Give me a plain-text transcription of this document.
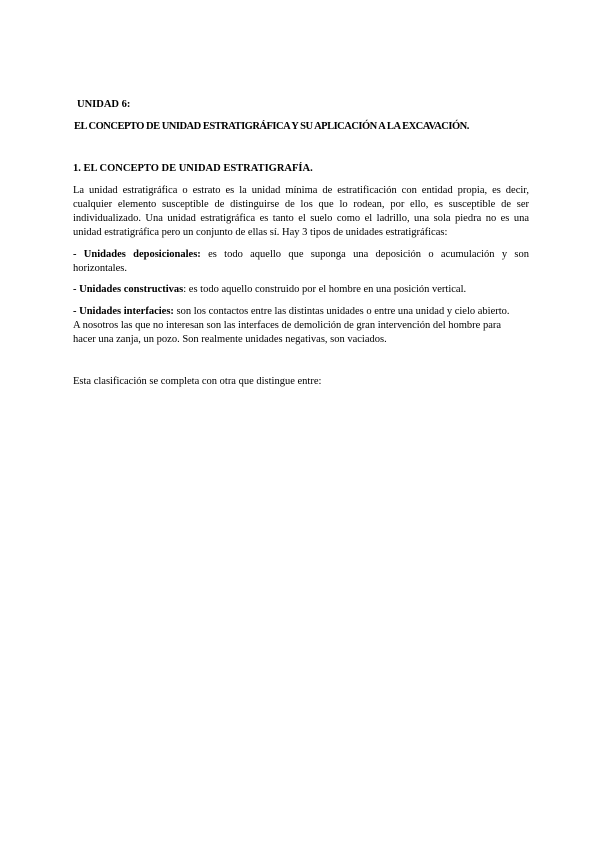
UNIDAD 6:
EL CONCEPTO DE UNIDAD ESTRATIGRÁFICA Y SU APLICACIÓN A LA EXCAVACIÓN.
1. EL CONCEPTO DE UNIDAD ESTRATIGRAFÍA.
La unidad estratigráfica o estrato es la unidad mínima de estratificación con entidad propia, es decir,
cualquier elemento susceptible de distinguirse de los que lo rodean, por ello, es susceptible de ser
individualizado. Una unidad estratigráfica es tanto el suelo como el ladrillo, una sola piedra no es una
unidad estratigráfica pero un conjunto de ellas sí. Hay 3 tipos de unidades estratigráficas:
- Unidades deposicionales: es todo aquello que suponga una deposición o acumulación y son
horizontales.
- Unidades constructivas: es todo aquello construido por el hombre en una posición vertical.
- Unidades interfacies: son los contactos entre las distintas unidades o entre una unidad y cielo abierto.
A nosotros las que no interesan son las interfaces de demolición de gran intervención del hombre para
hacer una zanja, un pozo. Son realmente unidades negativas, son vaciados.
Esta clasificación se completa con otra que distingue entre:
